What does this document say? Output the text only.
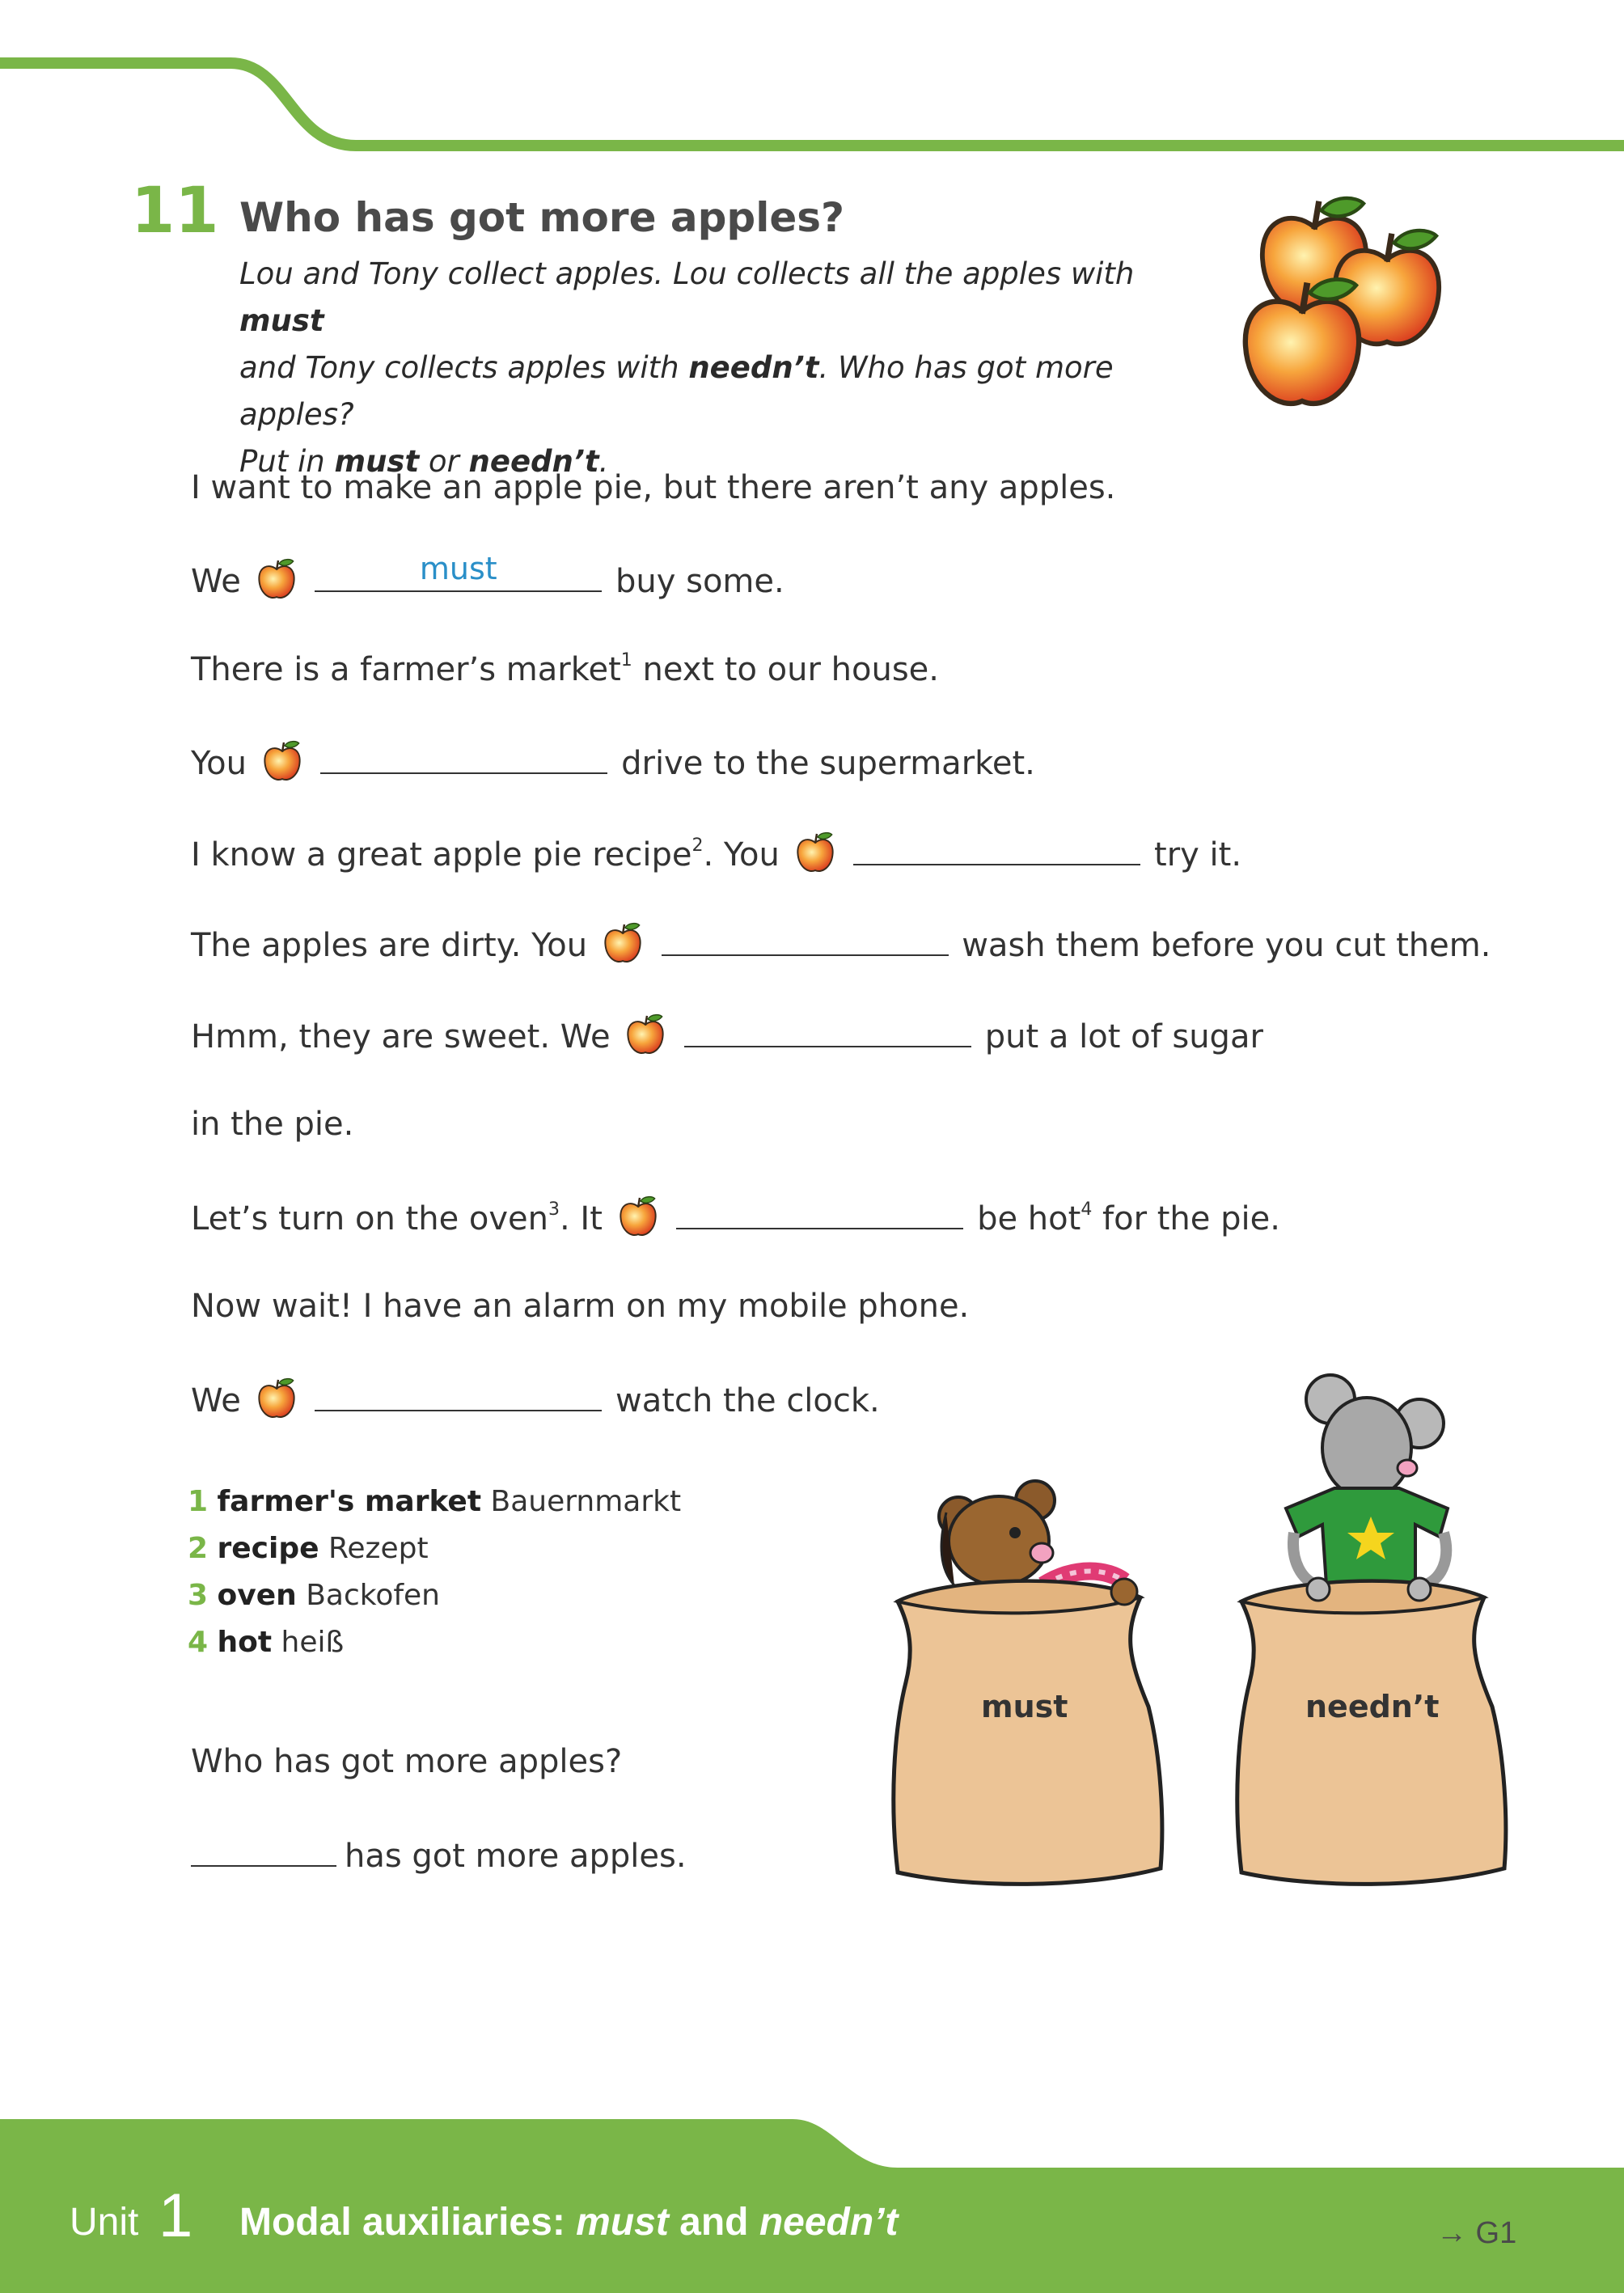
11 Who has got more apples?
Lou and Tony collect apples. Lou collects all the apples with must
and Tony collects apples with needn’t. Who has got more apples?
Put in must or needn’t.
I want to make an apple pie, but there aren’t any apples.
We
	must	buy some.
There is a farmer’s market$^1$ next to our house.
You	drive to the supermarket.
I know a great apple pie recipe$^2$. You	try it.
The apples are dirty. You	wash them before you cut them.
Hmm, they are sweet. We	put a lot of sugar
in the pie.
Let’s turn on the oven$^3$. It	be hot$^4$ for the pie.
Now wait! I have an alarm on my mobile phone.
We	watch the clock.
1 farmer's market Bauernmarkt
2 recipe Rezept
3 oven Backofen
4 hot heiß
Who has got more apples?
has got more apples.
must	needn’t
Unit 1 Modal auxiliaries: must and needn’t	→ G1
